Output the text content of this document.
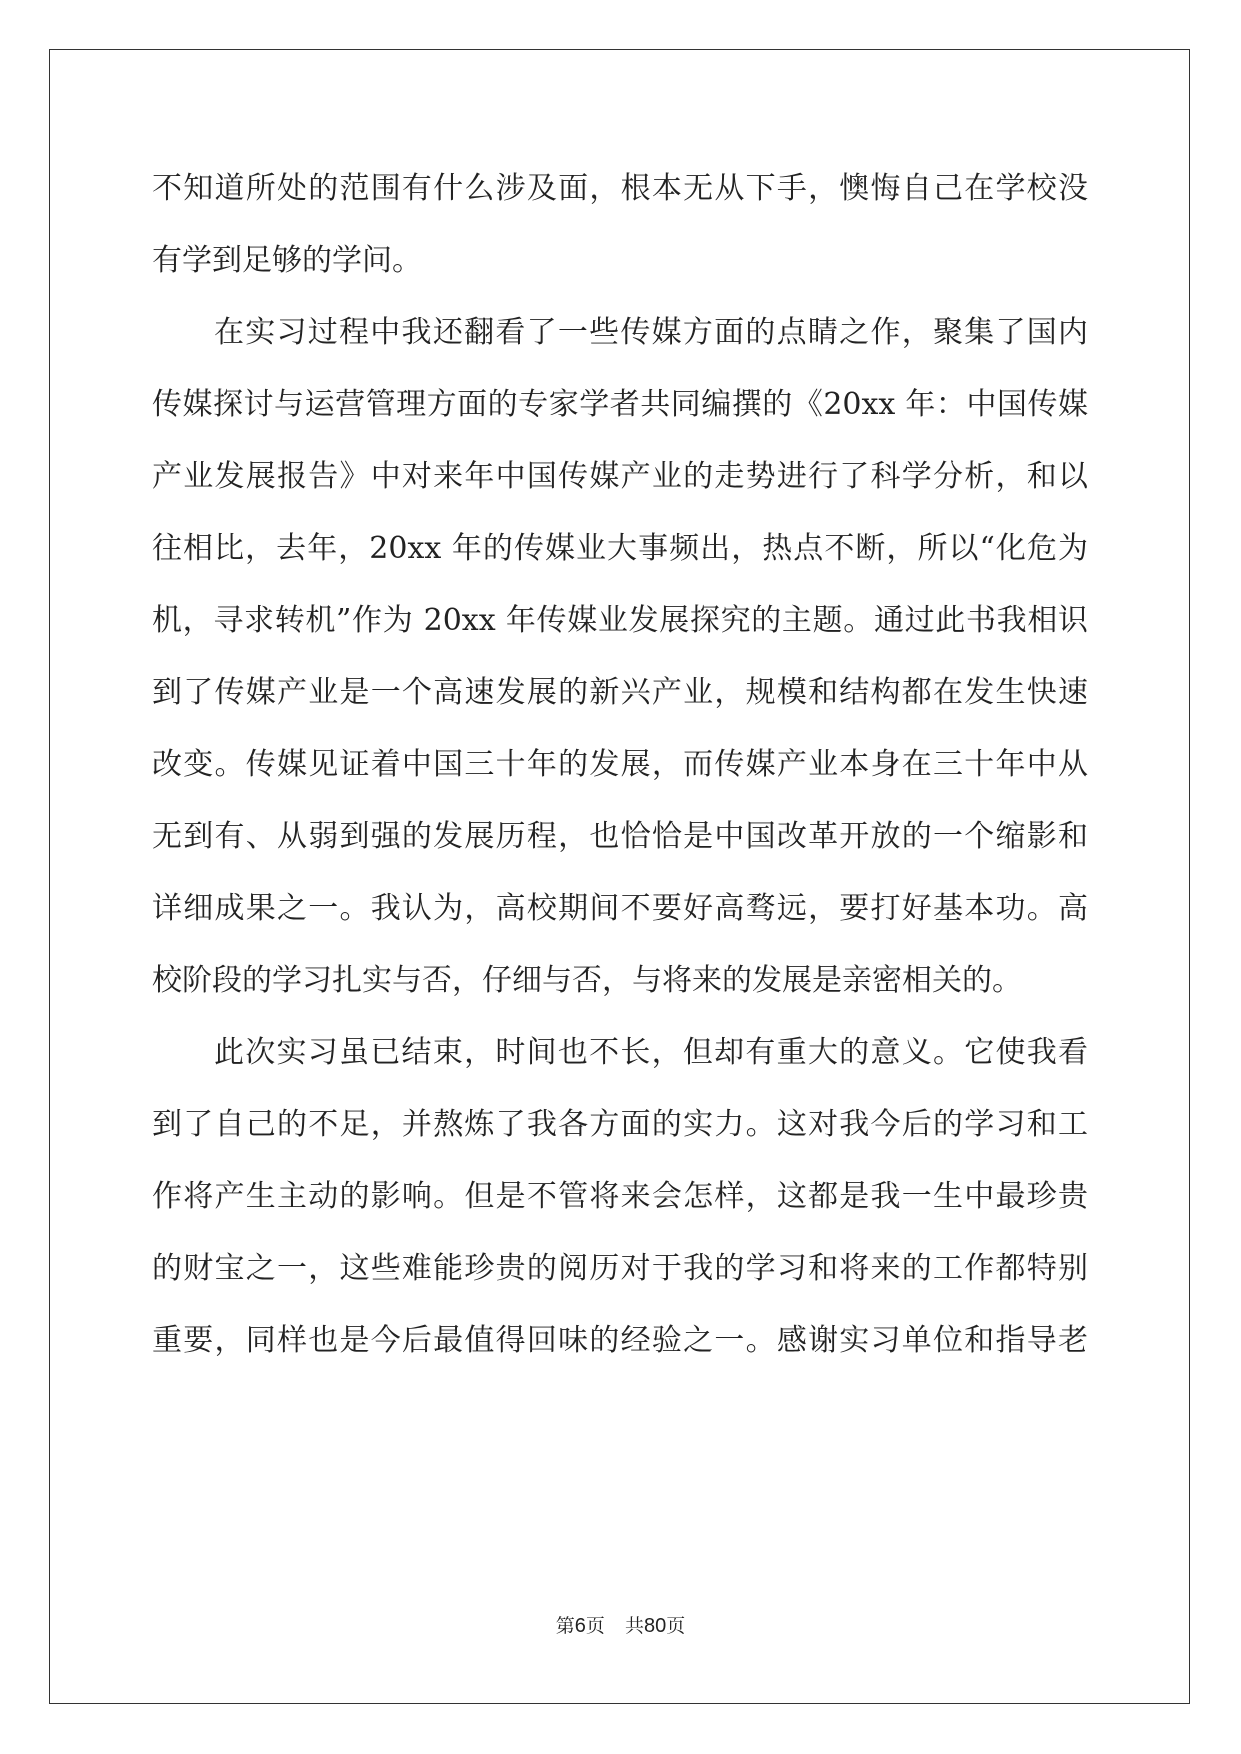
不知道所处的范围有什么涉及面，根本无从下手，懊悔自己在学校没
有学到足够的学问。
在实习过程中我还翻看了一些传媒方面的点睛之作，聚集了国内
传媒探讨与运营管理方面的专家学者共同编撰的《20xx 年：中国传媒
产业发展报告》中对来年中国传媒产业的走势进行了科学分析，和以
往相比，去年，20xx 年的传媒业大事频出，热点不断，所以“化危为
机，寻求转机”作为 20xx 年传媒业发展探究的主题。通过此书我相识
到了传媒产业是一个高速发展的新兴产业，规模和结构都在发生快速
改变。传媒见证着中国三十年的发展，而传媒产业本身在三十年中从
无到有、从弱到强的发展历程，也恰恰是中国改革开放的一个缩影和
详细成果之一。我认为，高校期间不要好高骛远，要打好基本功。高
校阶段的学习扎实与否，仔细与否，与将来的发展是亲密相关的。
此次实习虽已结束，时间也不长，但却有重大的意义。它使我看
到了自己的不足，并熬炼了我各方面的实力。这对我今后的学习和工
作将产生主动的影响。但是不管将来会怎样，这都是我一生中最珍贵
的财宝之一，这些难能珍贵的阅历对于我的学习和将来的工作都特别
重要，同样也是今后最值得回味的经验之一。感谢实习单位和指导老
第6页 共80页
